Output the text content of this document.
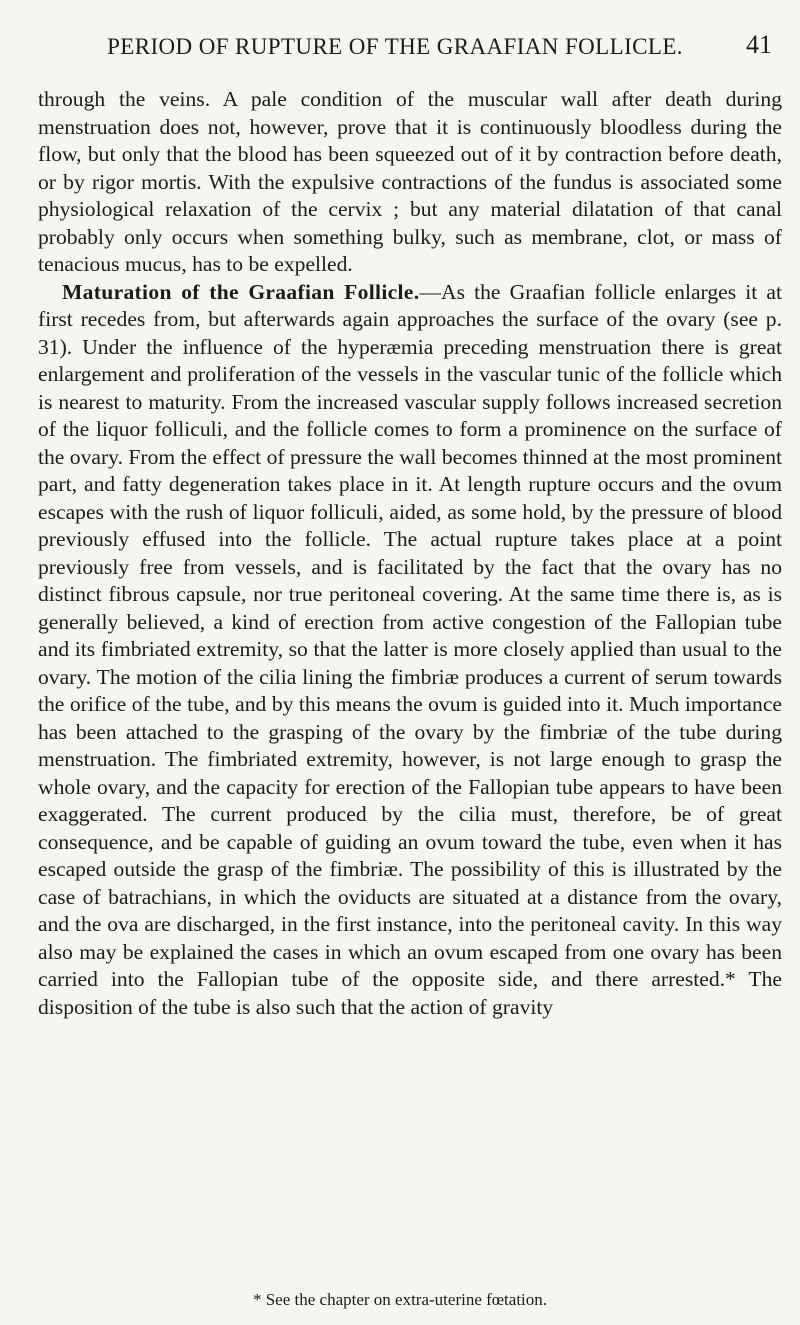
PERIOD OF RUPTURE OF THE GRAAFIAN FOLLICLE.	41

through the veins. A pale condition of the muscular wall after death during menstruation does not, however, prove that it is continuously bloodless during the flow, but only that the blood has been squeezed out of it by contraction before death, or by rigor mortis. With the expulsive contractions of the fundus is associated some physiological relaxation of the cervix ; but any material dilatation of that canal probably only occurs when something bulky, such as membrane, clot, or mass of tenacious mucus, has to be expelled.

Maturation of the Graafian Follicle.—As the Graafian follicle enlarges it at first recedes from, but afterwards again approaches the surface of the ovary (see p. 31). Under the influence of the hyperæmia preceding menstruation there is great enlargement and proliferation of the vessels in the vascular tunic of the follicle which is nearest to maturity. From the increased vascular supply follows increased secretion of the liquor folliculi, and the follicle comes to form a prominence on the surface of the ovary. From the effect of pressure the wall becomes thinned at the most prominent part, and fatty degeneration takes place in it. At length rupture occurs and the ovum escapes with the rush of liquor folliculi, aided, as some hold, by the pressure of blood previously effused into the follicle. The actual rupture takes place at a point previously free from vessels, and is facilitated by the fact that the ovary has no distinct fibrous capsule, nor true peritoneal covering. At the same time there is, as is generally believed, a kind of erection from active congestion of the Fallopian tube and its fimbriated extremity, so that the latter is more closely applied than usual to the ovary. The motion of the cilia lining the fimbriæ produces a current of serum towards the orifice of the tube, and by this means the ovum is guided into it. Much importance has been attached to the grasping of the ovary by the fimbriæ of the tube during menstruation. The fimbriated extremity, however, is not large enough to grasp the whole ovary, and the capacity for erection of the Fallopian tube appears to have been exaggerated. The current produced by the cilia must, therefore, be of great consequence, and be capable of guiding an ovum toward the tube, even when it has escaped outside the grasp of the fimbriæ. The possibility of this is illustrated by the case of batrachians, in which the oviducts are situated at a distance from the ovary, and the ova are discharged, in the first instance, into the peritoneal cavity. In this way also may be explained the cases in which an ovum escaped from one ovary has been carried into the Fallopian tube of the opposite side, and there arrested.* The disposition of the tube is also such that the action of gravity

* See the chapter on extra-uterine fœtation.
